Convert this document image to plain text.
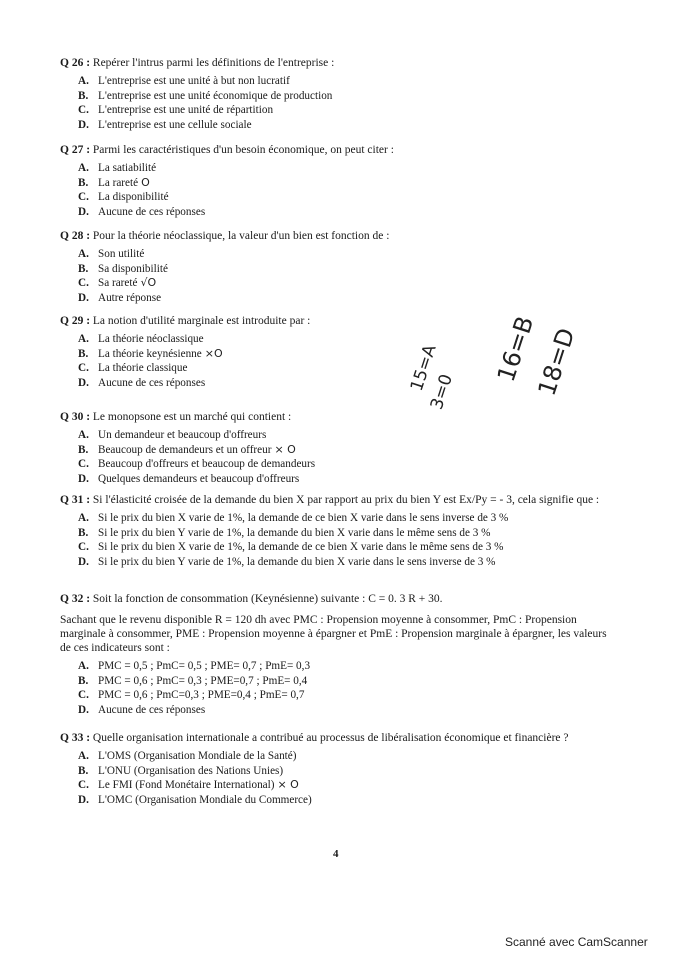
Q 26 : Repérer l'intrus parmi les définitions de l'entreprise :

A. L'entreprise est une unité à but non lucratif
B. L'entreprise est une unité économique de production
C. L'entreprise est une unité de répartition
D. L'entreprise est une cellule sociale

Q 27 : Parmi les caractéristiques d'un besoin économique, on peut citer :

A. La satiabilité
B. La rareté O
C. La disponibilité
D. Aucune de ces réponses

Q 28 : Pour la théorie néoclassique, la valeur d'un bien est fonction de :

A. Son utilité
B. Sa disponibilité
C. Sa rareté √O
D. Autre réponse

Q 29 : La notion d'utilité marginale est introduite par :

A. La théorie néoclassique
B. La théorie keynésienne ×O
C. La théorie classique
D. Aucune de ces réponses	15=A
3=0
16=B
18=D

Q 30 : Le monopsone est un marché qui contient :

A. Un demandeur et beaucoup d'offreurs
B. Beaucoup de demandeurs et un offreur × O
C. Beaucoup d'offreurs et beaucoup de demandeurs
D. Quelques demandeurs et beaucoup d'offreurs

Q 31 : Si l'élasticité croisée de la demande du bien X par rapport au prix du bien Y est Ex/Py = - 3, cela signifie que :

A. Si le prix du bien X varie de 1%, la demande de ce bien X varie dans le sens inverse de 3 %
B. Si le prix du bien Y varie de 1%, la demande du bien X varie dans le même sens de 3 %
C. Si le prix du bien X varie de 1%, la demande de ce bien X varie dans le même sens de 3 %
D. Si le prix du bien Y varie de 1%, la demande du bien X varie dans le sens inverse de 3 %

Q 32 : Soit la fonction de consommation (Keynésienne) suivante : C = 0. 3 R + 30.

Sachant que le revenu disponible R = 120 dh avec PMC : Propension moyenne à consommer, PmC : Propension marginale à consommer, PME : Propension moyenne à épargner et PmE : Propension marginale à épargner, les valeurs de ces indicateurs sont :

A. PMC = 0,5 ; PmC= 0,5 ; PME= 0,7 ; PmE= 0,3
B. PMC = 0,6 ; PmC= 0,3 ; PME=0,7 ; PmE= 0,4
C. PMC = 0,6 ; PmC=0,3 ; PME=0,4 ; PmE= 0,7
D. Aucune de ces réponses

Q 33 : Quelle organisation internationale a contribué au processus de libéralisation économique et financière ?

A. L'OMS (Organisation Mondiale de la Santé)
B. L'ONU (Organisation des Nations Unies)
C. Le FMI (Fond Monétaire International) × O
D. L'OMC (Organisation Mondiale du Commerce)
4
Scanné avec CamScanner
